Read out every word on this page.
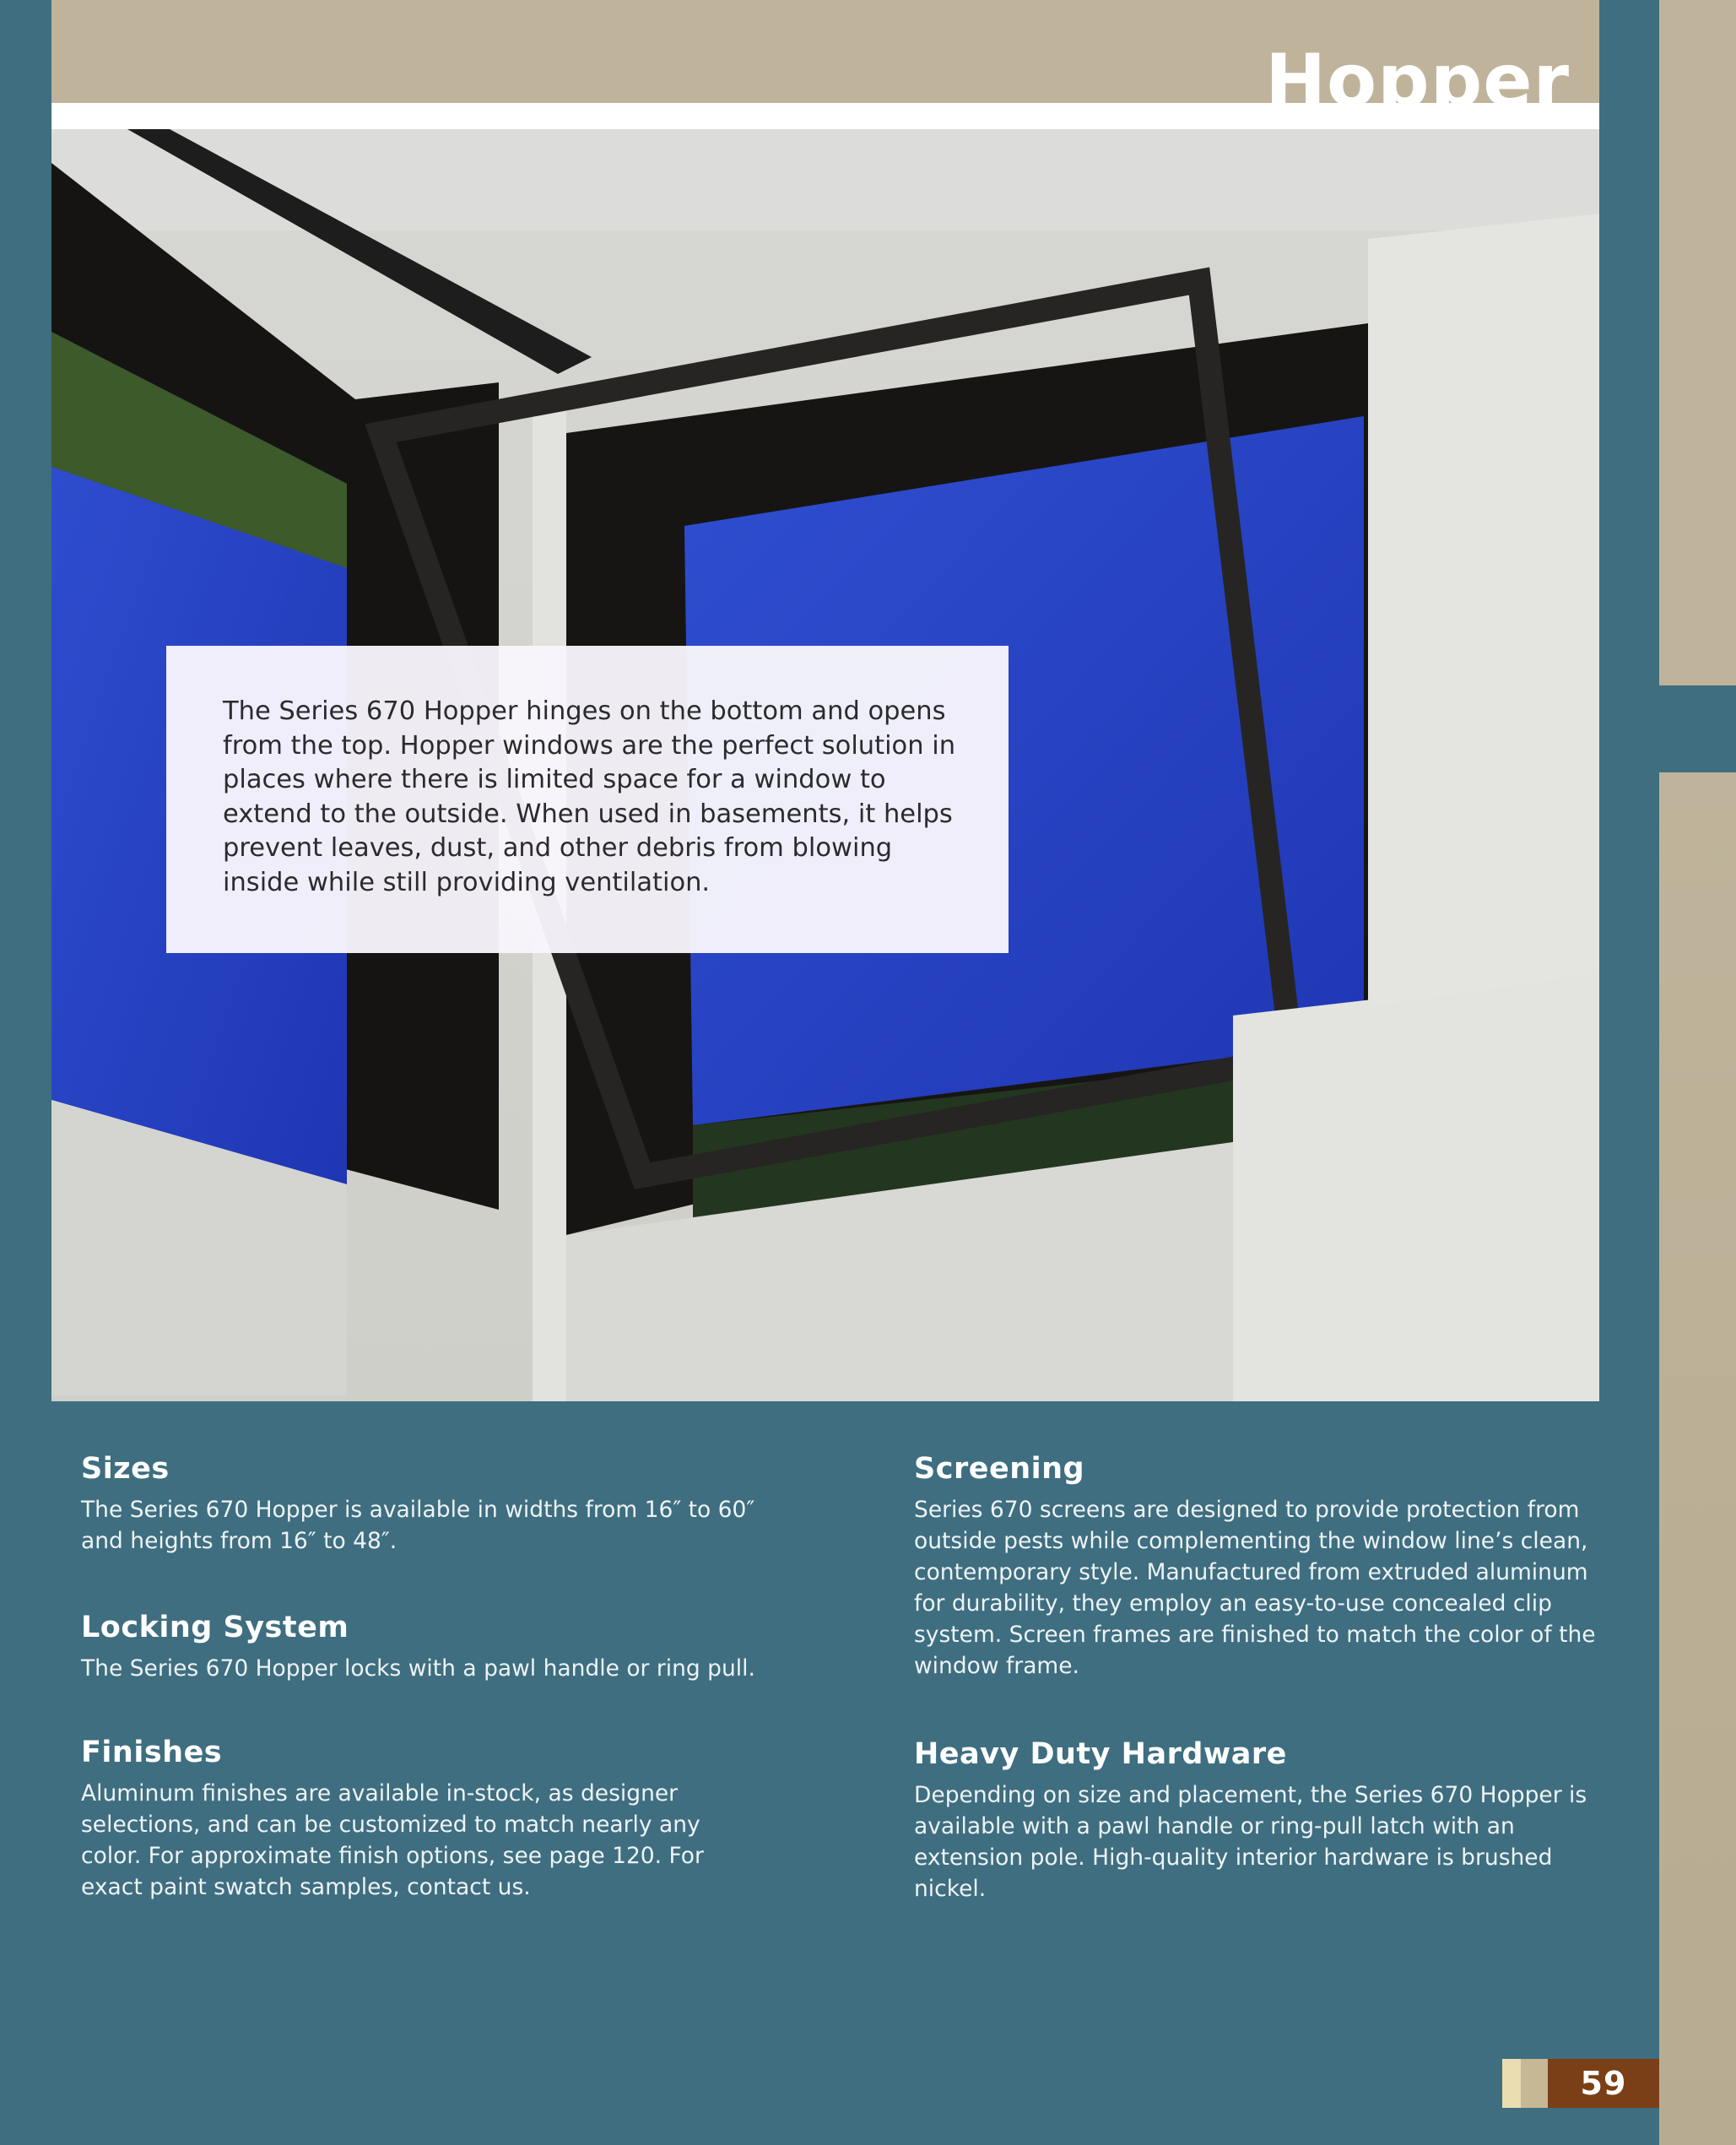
Hopper

The Series 670 Hopper hinges on the bottom and opens from the top. Hopper windows are the perfect solution in places where there is limited space for a window to extend to the outside. When used in basements, it helps prevent leaves, dust, and other debris from blowing inside while still providing ventilation.

Sizes

The Series 670 Hopper is available in widths from 16″ to 60″ and heights from 16″ to 48″.

Locking System

The Series 670 Hopper locks with a pawl handle or ring pull.

Finishes

Aluminum finishes are available in-stock, as designer selections, and can be customized to match nearly any color. For approximate finish options, see page 120. For exact paint swatch samples, contact us.

Screening

Series 670 screens are designed to provide protection from outside pests while complementing the window line’s clean, contemporary style. Manufactured from extruded aluminum for durability, they employ an easy-to-use concealed clip system. Screen frames are finished to match the color of the window frame.

Heavy Duty Hardware

Depending on size and placement, the Series 670 Hopper is available with a pawl handle or ring-pull latch with an extension pole. High-quality interior hardware is brushed nickel.

59
